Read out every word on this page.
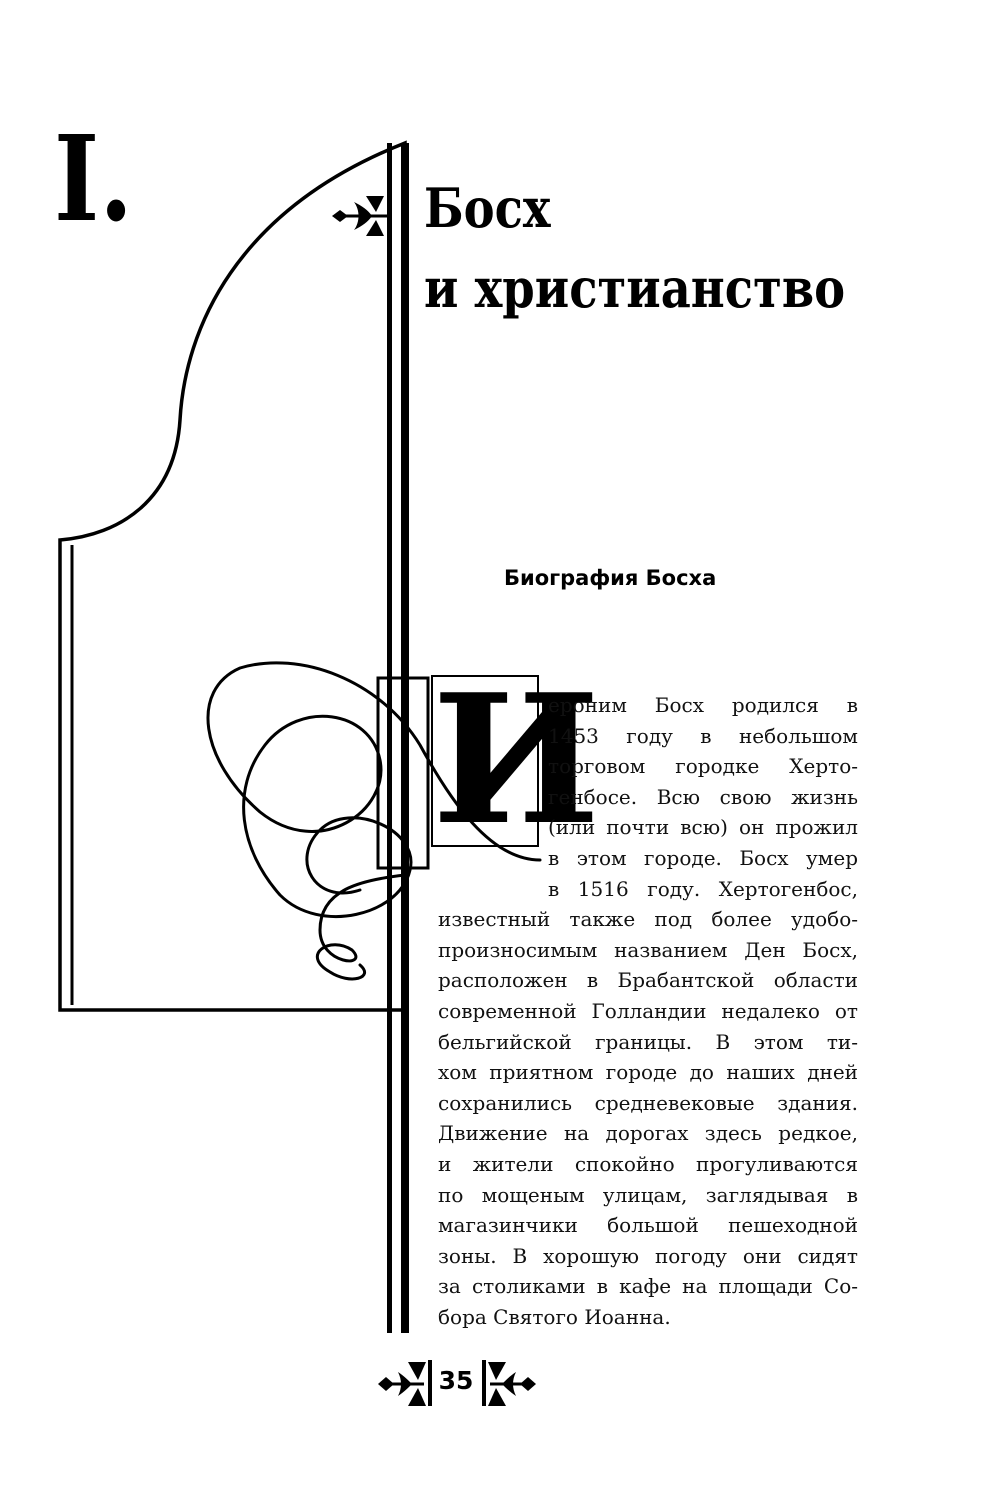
I.	Босх
и христианство
Биография Босха
И
ероним Босх родился в
1453 году в небольшом
торговом городке Херто-
генбосе. Всю свою жизнь
(или почти всю) он прожил
в этом городе. Босх умер
в 1516 году. Хертогенбос,
известный также под более удобо-
произносимым названием Ден Босх,
расположен в Брабантской области
современной Голландии недалеко от
бельгийской границы. В этом ти-
хом приятном городе до наших дней
сохранились средневековые здания.
Движение на дорогах здесь редкое,
и жители спокойно прогуливаются
по мощеным улицам, заглядывая в
магазинчики большой пешеходной
зоны. В хорошую погоду они сидят
за столиками в кафе на площади Со-
бора Святого Иоанна.
35
